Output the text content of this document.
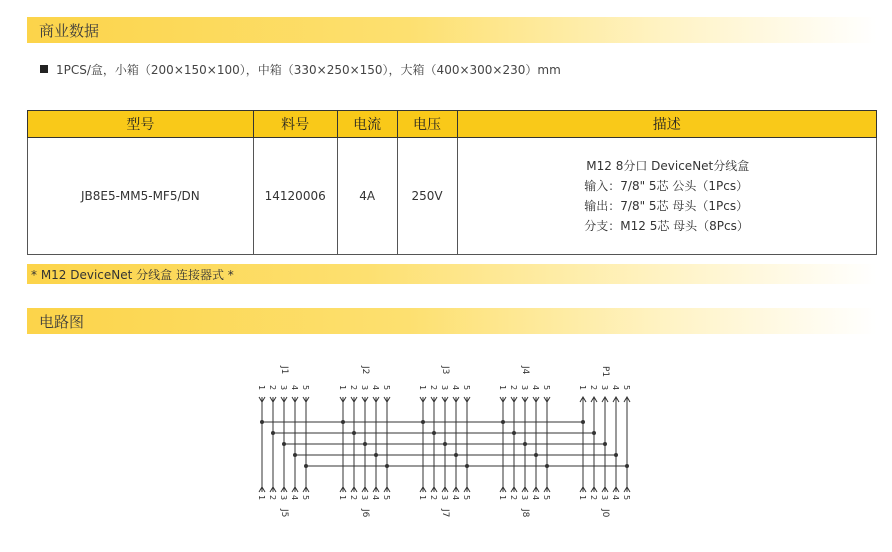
商业数据
1PCS/盒，小箱（200×150×100），中箱（330×250×150），大箱（400×300×230）mm
型号	料号	电流	电压	描述
JB8E5-MM5-MF5/DN	14120006	4A	250V	M12 8分口 DeviceNet分线盒
输入：7/8" 5芯 公头（1Pcs）
输出：7/8" 5芯 母头（1Pcs）
分支：M12 5芯 母头（8Pcs）
* M12 DeviceNet 分线盒 连接器式 *
电路图
1
1
2
2
3
3
4
4
5
5
J1
J5
1
1
2
2
3
3
4
4
5
5
J2
J6
1
1
2
2
3
3
4
4
5
5
J3
J7
1
1
2
2
3
3
4
4
5
5
J4
J8
1
1
2
2
3
3
4
4
5
5
P1
J0
